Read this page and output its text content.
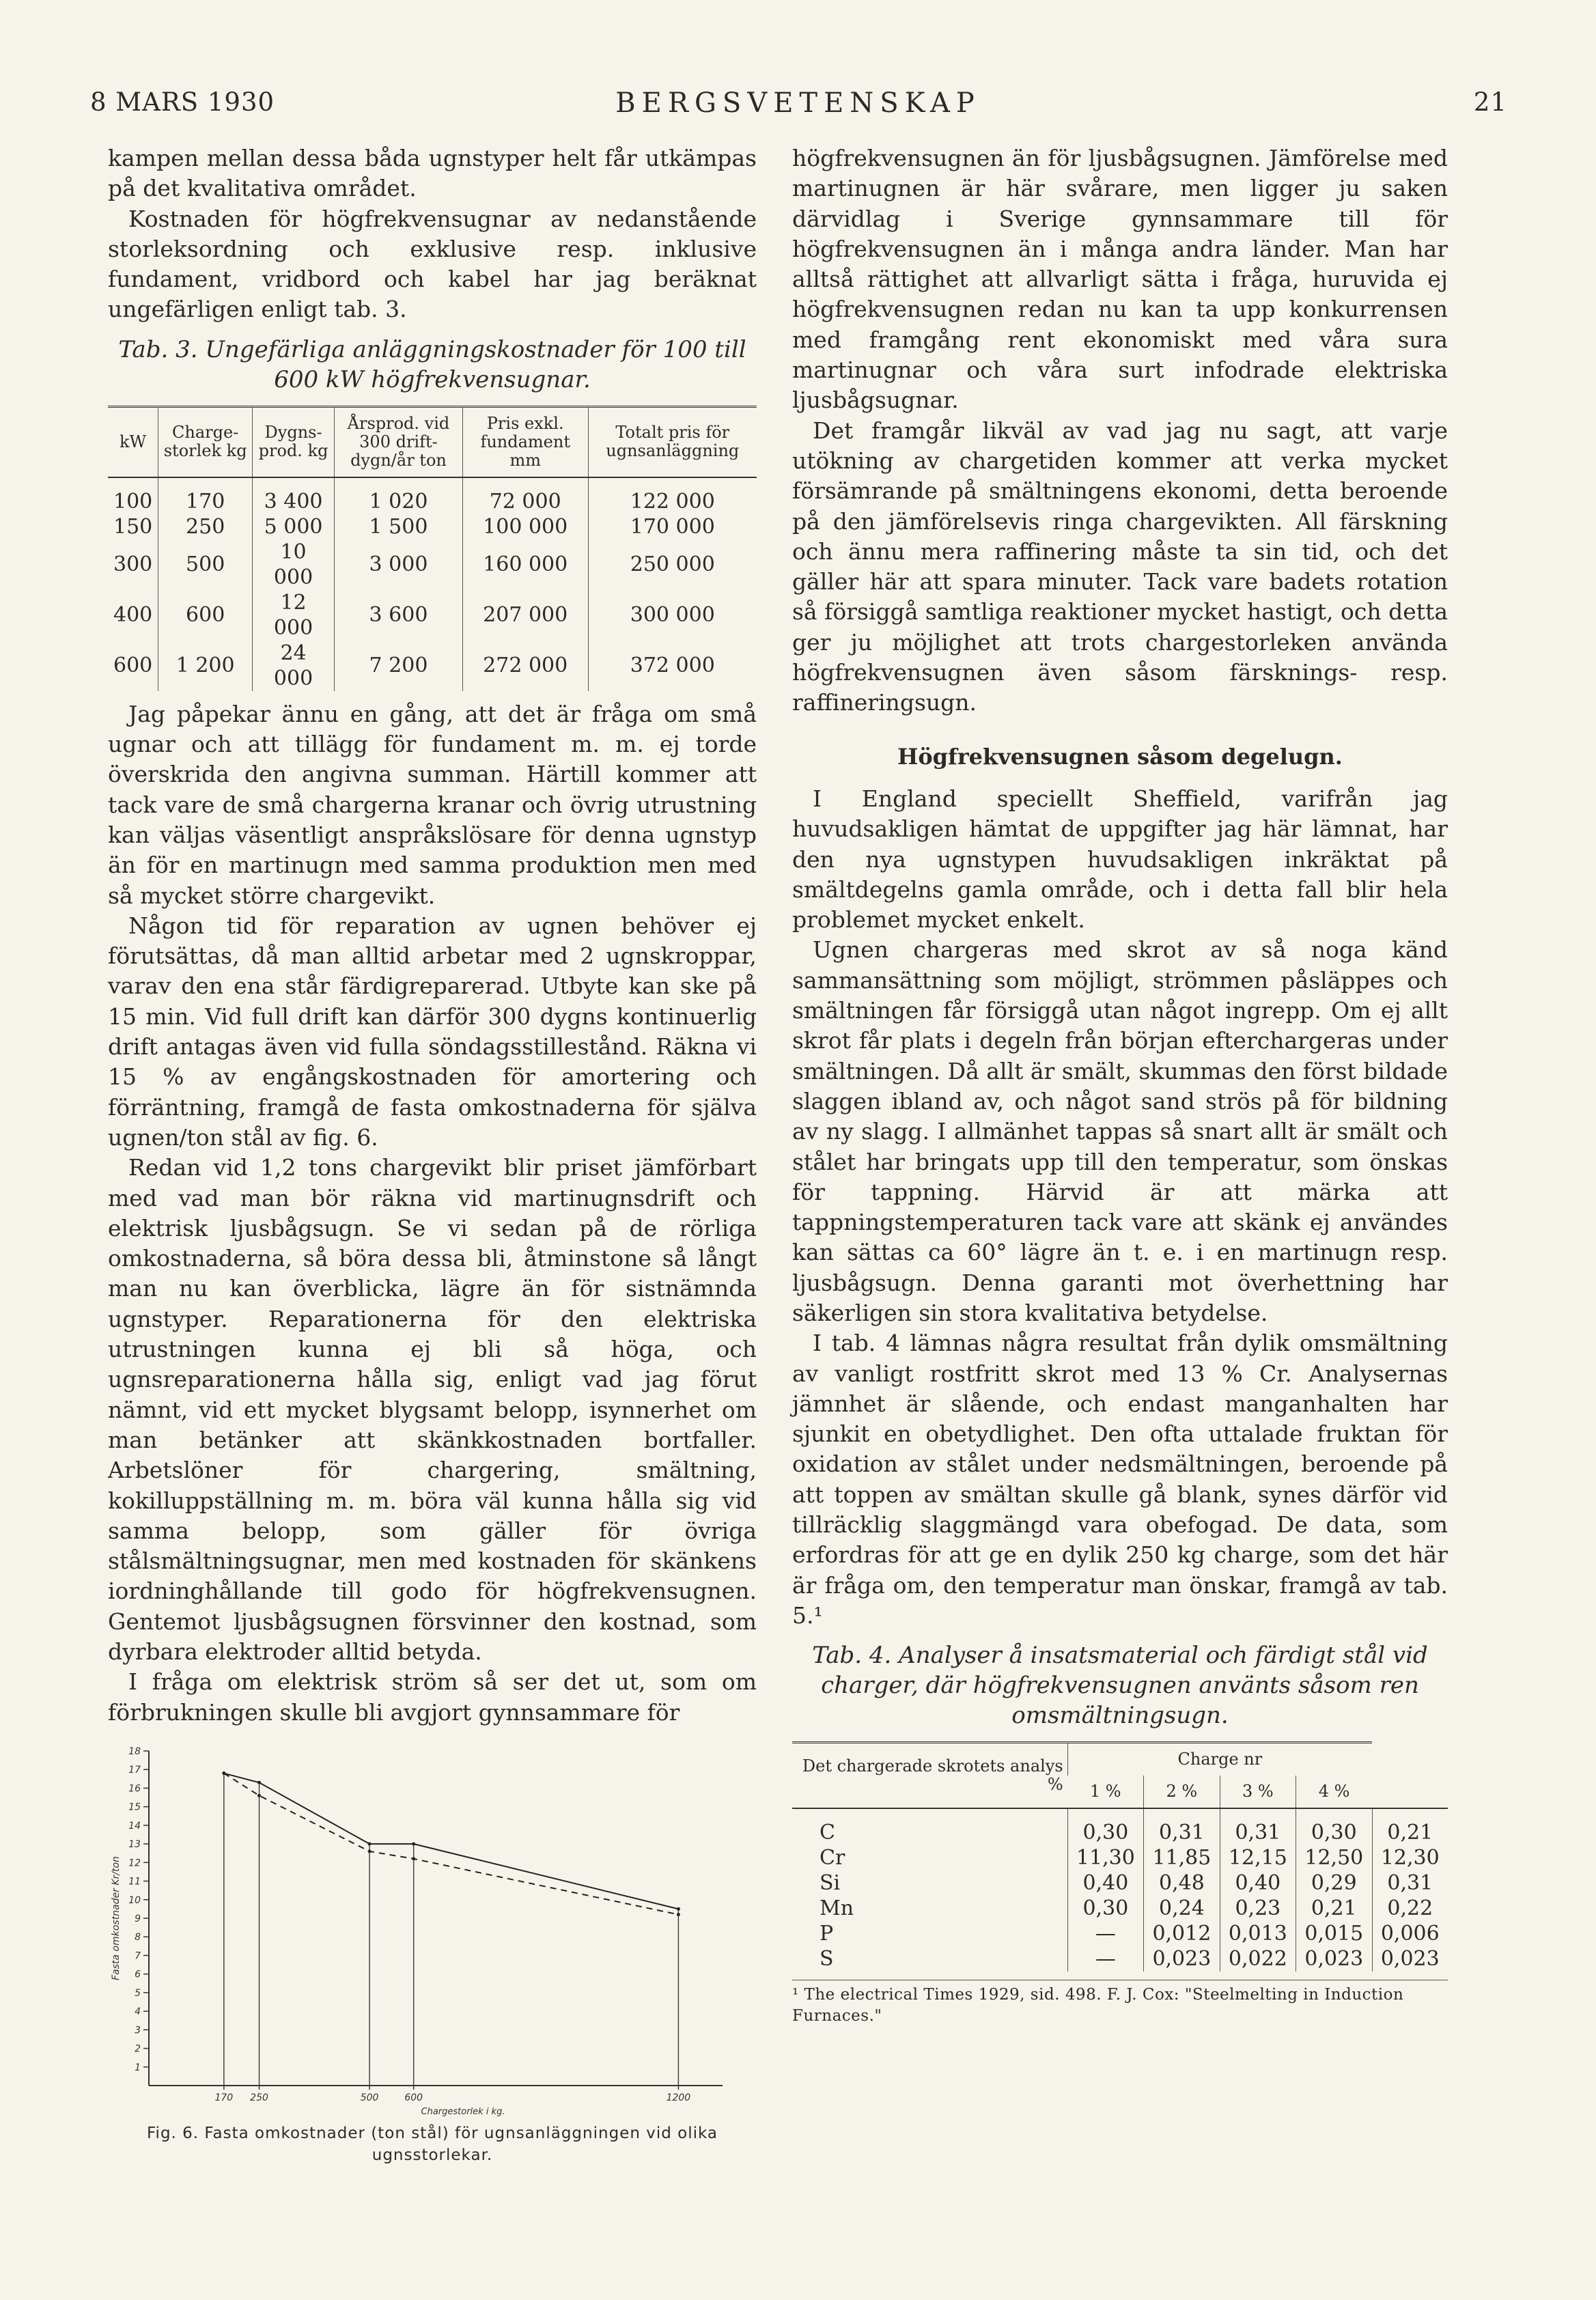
8 MARS 1930	BERGSVETENSKAP	21

kampen mellan dessa båda ugnstyper helt får utkämpas på det kvalitativa området.

Kostnaden för högfrekvensugnar av nedanstående storleksordning och exklusive resp. inklusive fundament, vridbord och kabel har jag beräknat ungefärligen enligt tab. 3.

Tab. 3. Ungefärliga anläggningskostnader för 100 till 600 kW högfrekvensugnar.
kW	Charge-storlek kg	Dygns-prod. kg	Årsprod. vid 300 drift-dygn/år ton	Pris exkl. fundament mm	Totalt pris för ugnsanläggning
100	170	3 400	1 020	72 000	122 000
150	250	5 000	1 500	100 000	170 000
300	500	10 000	3 000	160 000	250 000
400	600	12 000	3 600	207 000	300 000
600	1 200	24 000	7 200	272 000	372 000

Jag påpekar ännu en gång, att det är fråga om små ugnar och att tillägg för fundament m. m. ej torde överskrida den angivna summan. Härtill kommer att tack vare de små chargerna kranar och övrig utrustning kan väljas väsentligt anspråkslösare för denna ugnstyp än för en martinugn med samma produktion men med så mycket större chargevikt.

Någon tid för reparation av ugnen behöver ej förutsättas, då man alltid arbetar med 2 ugnskroppar, varav den ena står färdigreparerad. Utbyte kan ske på 15 min. Vid full drift kan därför 300 dygns kontinuerlig drift antagas även vid fulla söndagsstillestånd. Räkna vi 15 % av engångskostnaden för amortering och förräntning, framgå de fasta omkostnaderna för själva ugnen/ton stål av fig. 6.

Redan vid 1,2 tons chargevikt blir priset jämförbart med vad man bör räkna vid martinugnsdrift och elektrisk ljusbågsugn. Se vi sedan på de rörliga omkostnaderna, så böra dessa bli, åtminstone så långt man nu kan överblicka, lägre än för sistnämnda ugnstyper. Reparationerna för den elektriska utrustningen kunna ej bli så höga, och ugnsreparationerna hålla sig, enligt vad jag förut nämnt, vid ett mycket blygsamt belopp, isynnerhet om man betänker att skänkkostnaden bortfaller. Arbetslöner för chargering, smältning, kokilluppställning m. m. böra väl kunna hålla sig vid samma belopp, som gäller för övriga stålsmältningsugnar, men med kostnaden för skänkens iordninghållande till godo för högfrekvensugnen. Gentemot ljusbågsugnen försvinner den kostnad, som dyrbara elektroder alltid betyda.

I fråga om elektrisk ström så ser det ut, som om förbrukningen skulle bli avgjort gynnsammare för

1
2
3
4
5
6
7
8
9
10
11
12
13
14
15
16
17
18
170 250	500	600	1200
Fasta omkostnader Kr/ton
Chargestorlek i kg.
Fig. 6. Fasta omkostnader (ton stål) för ugnsanläggningen vid olika ugnsstorlekar.

högfrekvensugnen än för ljusbågsugnen. Jämförelse med martinugnen är här svårare, men ligger ju saken därvidlag i Sverige gynnsammare till för högfrekvensugnen än i många andra länder. Man har alltså rättighet att allvarligt sätta i fråga, huruvida ej högfrekvensugnen redan nu kan ta upp konkurrensen med framgång rent ekonomiskt med våra sura martinugnar och våra surt infodrade elektriska ljusbågsugnar.

Det framgår likväl av vad jag nu sagt, att varje utökning av chargetiden kommer att verka mycket försämrande på smältningens ekonomi, detta beroende på den jämförelsevis ringa chargevikten. All färskning och ännu mera raffinering måste ta sin tid, och det gäller här att spara minuter. Tack vare badets rotation så försiggå samtliga reaktioner mycket hastigt, och detta ger ju möjlighet att trots chargestorleken använda högfrekvensugnen även såsom färsknings- resp. raffineringsugn.

Högfrekvensugnen såsom degelugn.

I England speciellt Sheffield, varifrån jag huvudsakligen hämtat de uppgifter jag här lämnat, har den nya ugnstypen huvudsakligen inkräktat på smältdegelns gamla område, och i detta fall blir hela problemet mycket enkelt.

Ugnen chargeras med skrot av så noga känd sammansättning som möjligt, strömmen påsläppes och smältningen får försiggå utan något ingrepp. Om ej allt skrot får plats i degeln från början efterchargeras under smältningen. Då allt är smält, skummas den först bildade slaggen ibland av, och något sand strös på för bildning av ny slagg. I allmänhet tappas så snart allt är smält och stålet har bringats upp till den temperatur, som önskas för tappning. Härvid är att märka att tappningstemperaturen tack vare att skänk ej användes kan sättas ca 60° lägre än t. e. i en martinugn resp. ljusbågsugn. Denna garanti mot överhettning har säkerligen sin stora kvalitativa betydelse.

I tab. 4 lämnas några resultat från dylik omsmältning av vanligt rostfritt skrot med 13 % Cr. Analysernas jämnhet är slående, och endast manganhalten har sjunkit en obetydlighet. Den ofta uttalade fruktan för oxidation av stålet under nedsmältningen, beroende på att toppen av smältan skulle gå blank, synes därför vid tillräcklig slaggmängd vara obefogad. De data, som erfordras för att ge en dylik 250 kg charge, som det här är fråga om, den temperatur man önskar, framgå av tab. 5.¹

Tab. 4. Analyser å insatsmaterial och färdigt stål vid charger, där högfrekvensugnen använts såsom ren omsmältningsugn.
Det chargerade skrotets analys %	Charge nr				
	1 %	2 %	3 %	4 %	
C	0,30	0,31	0,31	0,30	0,21
Cr	11,30	11,85	12,15	12,50	12,30
Si	0,40	0,48	0,40	0,29	0,31
Mn	0,30	0,24	0,23	0,21	0,22
P	—	0,012	0,013	0,015	0,006
S	—	0,023	0,022	0,023	0,023
¹ The electrical Times 1929, sid. 498. F. J. Cox: "Steelmelting in Induction Furnaces."
